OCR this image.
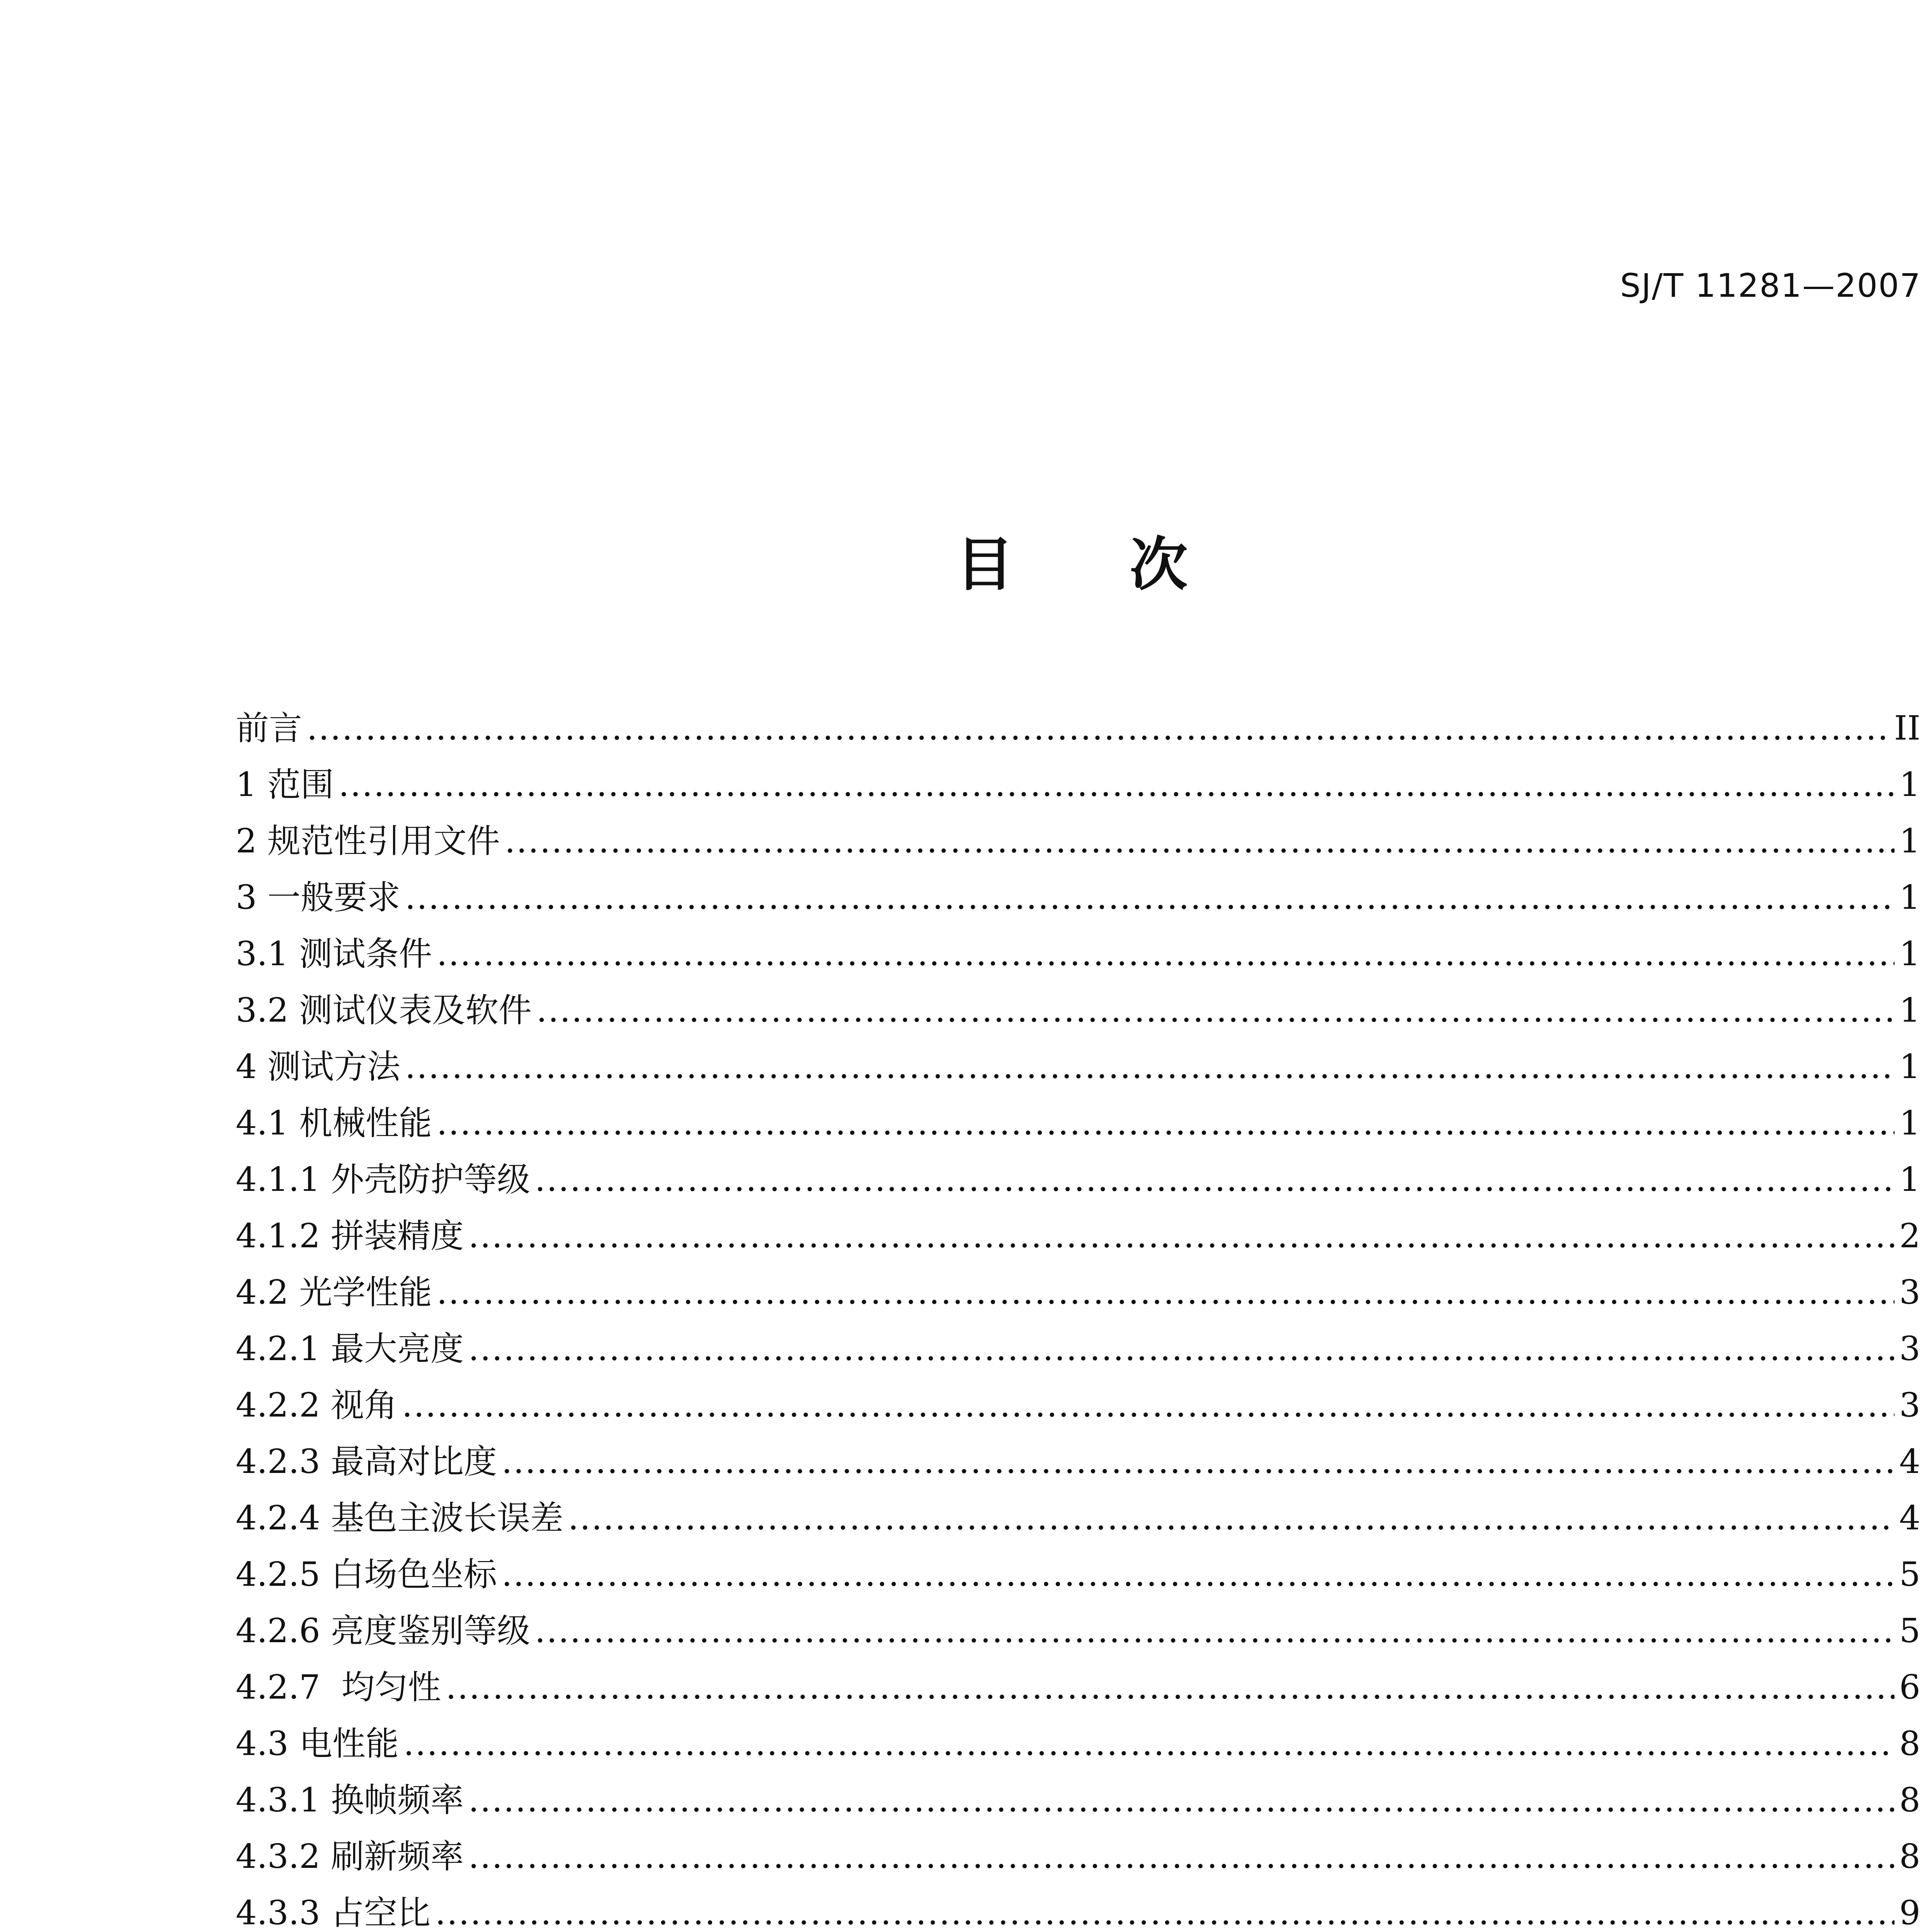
SJ/T 11281—2007
目次
前言 .....	II
1 范围 .....	1
2 规范性引用文件 .....	1
3 一般要求 .....	1
3.1 测试条件 .....	1
3.2 测试仪表及软件 .....	1
4 测试方法 .....	1
4.1 机械性能 .....	1
4.1.1 外壳防护等级 .....	1
4.1.2 拼装精度 .....	2
4.2 光学性能 .....	3
4.2.1 最大亮度 .....	3
4.2.2 视角 .....	3
4.2.3 最高对比度 .....	4
4.2.4 基色主波长误差 .....	4
4.2.5 白场色坐标 .....	5
4.2.6 亮度鉴别等级 .....	5
4.2.7  均匀性 .....	6
4.3 电性能 .....	8
4.3.1 换帧频率 .....	8
4.3.2 刷新频率 .....	8
4.3.3 占空比 .....	9
